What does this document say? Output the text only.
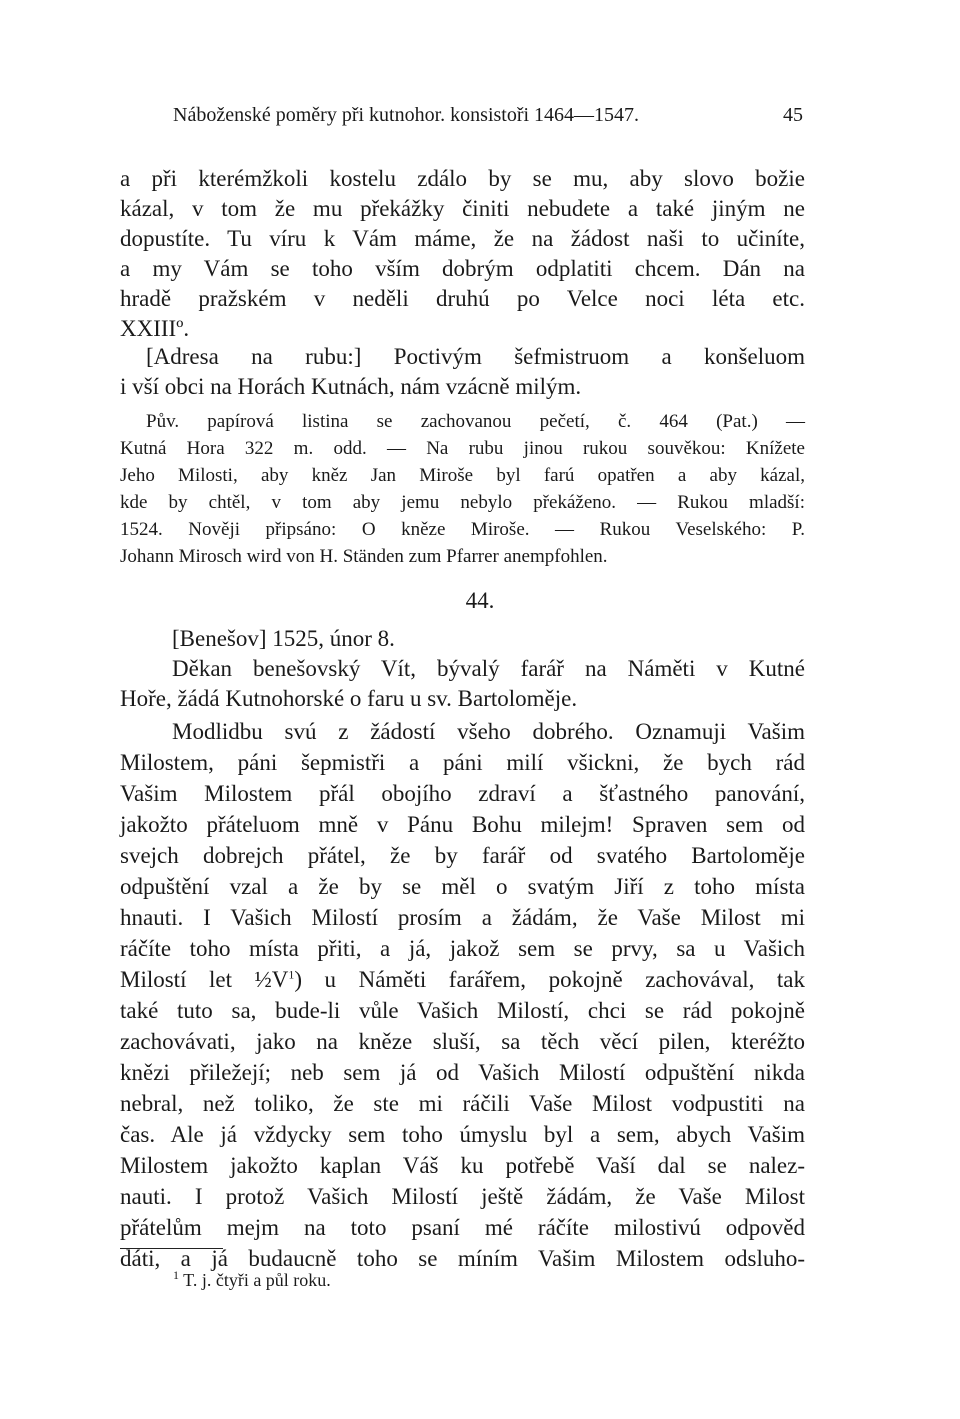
Náboženské poměry při kutnohor. konsistoři 1464—1547.	45
a při kterémžkoli kostelu zdálo by se mu, aby slovo božie
kázal, v tom že mu překážky činiti nebudete a také jiným ne
dopustíte. Tu víru k Vám máme, že na žádost naši to učiníte,
a my Vám se toho vším dobrým odplatiti chcem. Dán na
hradě pražském v neděli druhú po Velce noci léta etc.
XXIIIº.
[Adresa na rubu:] Poctivým šefmistruom a konšeluom
i vší obci na Horách Kutnách, nám vzácně milým.
Pův. papírová listina se zachovanou pečetí, č. 464 (Pat.) —
Kutná Hora 322 m. odd. — Na rubu jinou rukou souvěkou: Knížete
Jeho Milosti, aby kněz Jan Miroše byl farú opatřen a aby kázal,
kde by chtěl, v tom aby jemu nebylo překáženo. — Rukou mladší:
1524. Nověji připsáno: O kněze Miroše. — Rukou Veselského: P.
Johann Mirosch wird von H. Ständen zum Pfarrer anempfohlen.
44.
[Benešov] 1525, únor 8.
Děkan benešovský Vít, bývalý farář na Náměti v Kutné
Hoře, žádá Kutnohorské o faru u sv. Bartoloměje.
Modlidbu svú z žádostí všeho dobrého. Oznamuji Vašim
Milostem, páni šepmistři a páni milí všickni, že bych rád
Vašim Milostem přál obojího zdraví a šťastného panování,
jakožto přáteluom mně v Pánu Bohu milejm! Spraven sem od
svejch dobrejch přátel, že by farář od svatého Bartoloměje
odpuštění vzal a že by se měl o svatým Jiří z toho místa
hnauti. I Vašich Milostí prosím a žádám, že Vaše Milost mi
ráčíte toho místa přiti, a já, jakož sem se prvy, sa u Vašich
Milostí let $\frac{1}{2}V^1$) u Náměti farářem, pokojně zachovával, tak
také tuto sa, bude-li vůle Vašich Milostí, chci se rád pokojně
zachovávati, jako na kněze sluší, sa těch věcí pilen, kteréžto
knězi přiležejí; neb sem já od Vašich Milostí odpuštění nikda
nebral, než toliko, že ste mi ráčili Vaše Milost vodpustiti na
čas. Ale já vždycky sem toho úmyslu byl a sem, abych Vašim
Milostem jakožto kaplan Váš ku potřebě Vaší dal se nalez-
nauti. I protož Vašich Milostí ještě žádám, že Vaše Milost
přátelům mejm na toto psaní mé ráčíte milostivú odpověd
dáti, a já budaucně toho se míním Vašim Milostem odsluho-
$^1$ T. j. čtyři a půl roku.
